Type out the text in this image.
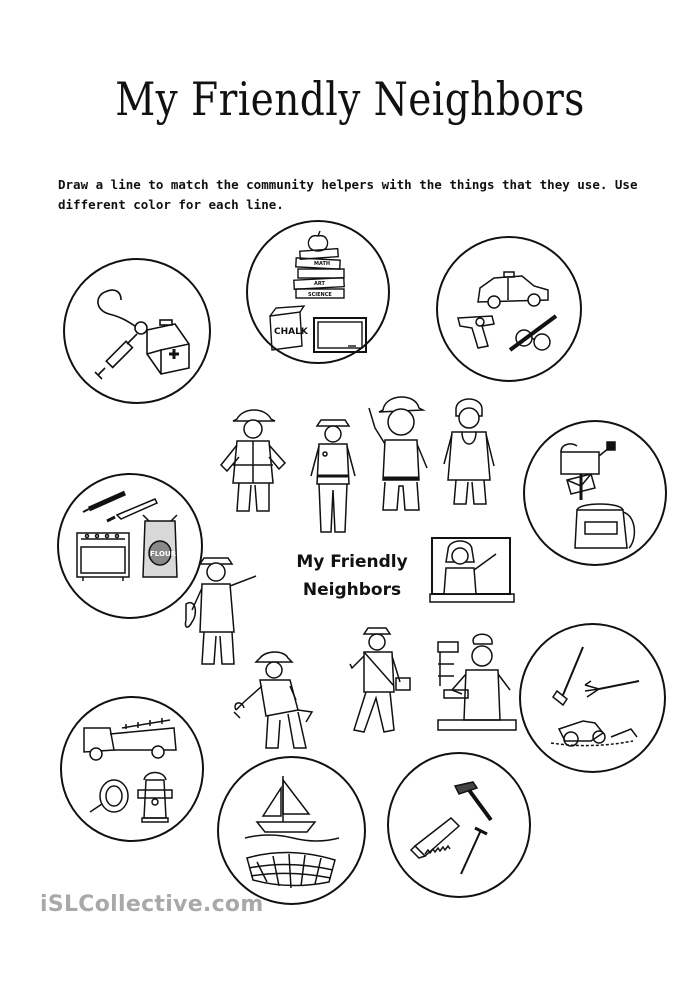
My Friendly Neighbors
Draw a line to match the community helpers with the things that they use. Use different color for each line.
MATH
ART
SCIENCE
CHALK
FLOUR	My Friendly
Neighbors
iSLCollective.com
